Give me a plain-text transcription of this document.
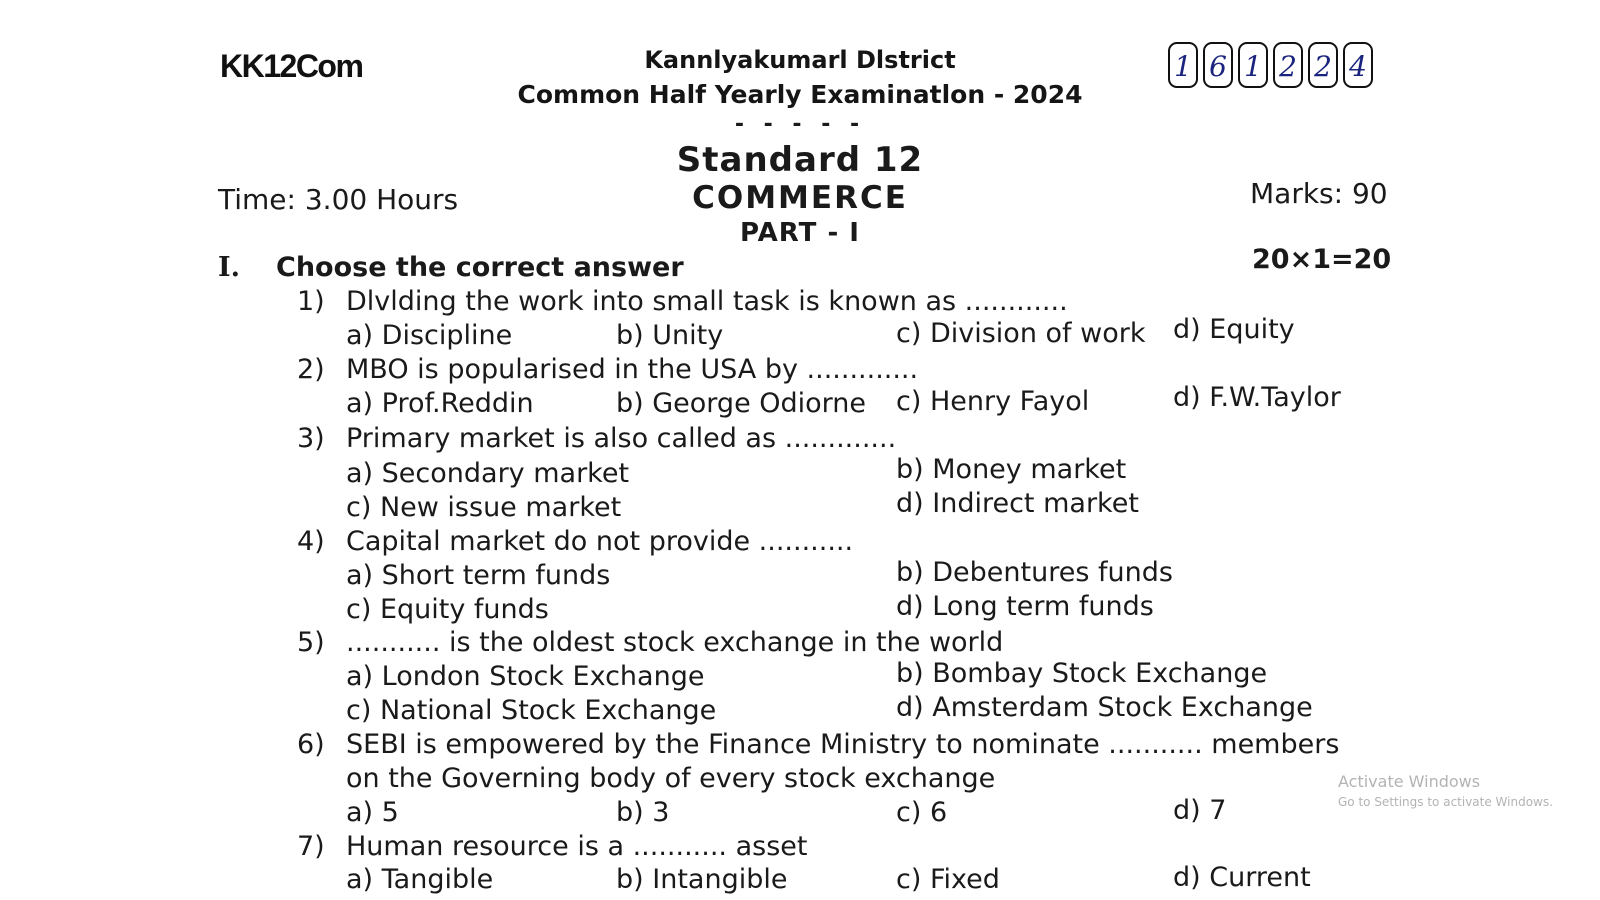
KK12Com	Kannlyakumarl Dlstrict
Common Half Yearly Examinatlon - 2024
- - - - -
1 6 1 2 2 4
Standard 12
COMMERCE
PART - I
Time: 3.00 Hours	Marks: 90
I. Choose the correct answer	20×1=20
1) Dlvlding the work into small task is known as ............
a) Discipline	b) Unity	c) Division of work d) Equity
2) MBO is popularised in the USA by .............
a) Prof.Reddin	b) George Odiorne c) Henry Fayol	d) F.W.Taylor
3) Primary market is also called as .............
a) Secondary market	b) Money market
c) New issue market	d) Indirect market
4) Capital market do not provide ...........
a) Short term funds	b) Debentures funds
c) Equity funds	d) Long term funds
5) ........... is the oldest stock exchange in the world
a) London Stock Exchange	b) Bombay Stock Exchange
c) National Stock Exchange	d) Amsterdam Stock Exchange
6) SEBI is empowered by the Finance Ministry to nominate ........... members
on the Governing body of every stock exchange
a) 5	b) 3	c) 6	d) 7
7) Human resource is a ........... asset
a) Tangible	b) Intangible	c) Fixed	d) Current
Activate Windows
Go to Settings to activate Windows.
